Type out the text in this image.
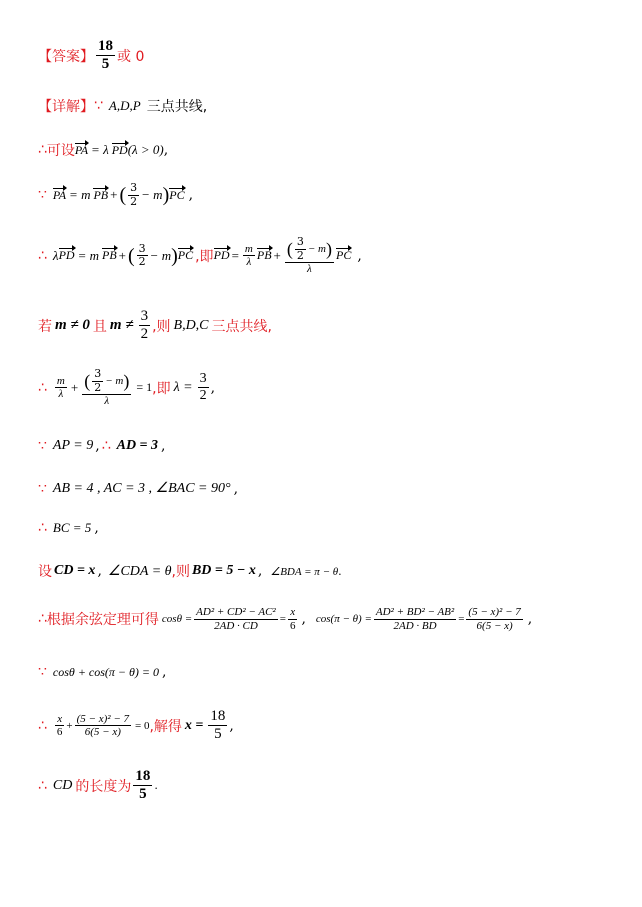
【答案】 $\frac{18}{5}$ 或 0
【详解】 ∵ A,D,P 三点共线,
∴ 可设 PA = λ PD (λ > 0) ,
∵ PA = m PB + ( $\frac{3}{2} - m$ ) PC ,
∴ λ PD = m PB + ( $\frac{3}{2} - m$ ) PC ,即 PD = $\frac{m}{\lambda}$ PB + $\frac{( \frac{3}{2} - m )}{\lambda}$ PC ,
若 m ≠ 0 且 $m \ne \frac{3}{2}$ ,则 B,D,C 三点共线,
∴ $\frac{m}{\lambda} + \frac{( \frac{3}{2} - m )}{\lambda} = 1$ ,即 $\lambda = \frac{3}{2}$ ,
∵ AP = 9 , ∴ AD = 3 ,
∵ AB = 4 , AC = 3 , ∠BAC = 90° ,
∴ BC = 5 ,
设 CD = x , ∠CDA = θ ,则 BD = 5 − x , ∠BDA = π − θ .
∴ 根据余弦定理可得 $\cos\theta = \frac{\text{AD² + CD² − AC²}}{2AD \cdot CD} = \frac{x}{6}$ , $\cos(\pi - \theta) = \frac{\text{AD² + BD² − AB²}}{2AD \cdot BD} = \frac{\text{(5 − x)² − 7}}{6(5 - x)}$ ,
∵ cosθ + cos(π − θ) = 0 ,
∴ $\frac{x}{6} + \frac{\text{(5 − x)² − 7}}{6(5 - x)} = 0$ ,解得 $x = \frac{18}{5}$ ,
∴ CD 的长度为 $\frac{18}{5}$ .
